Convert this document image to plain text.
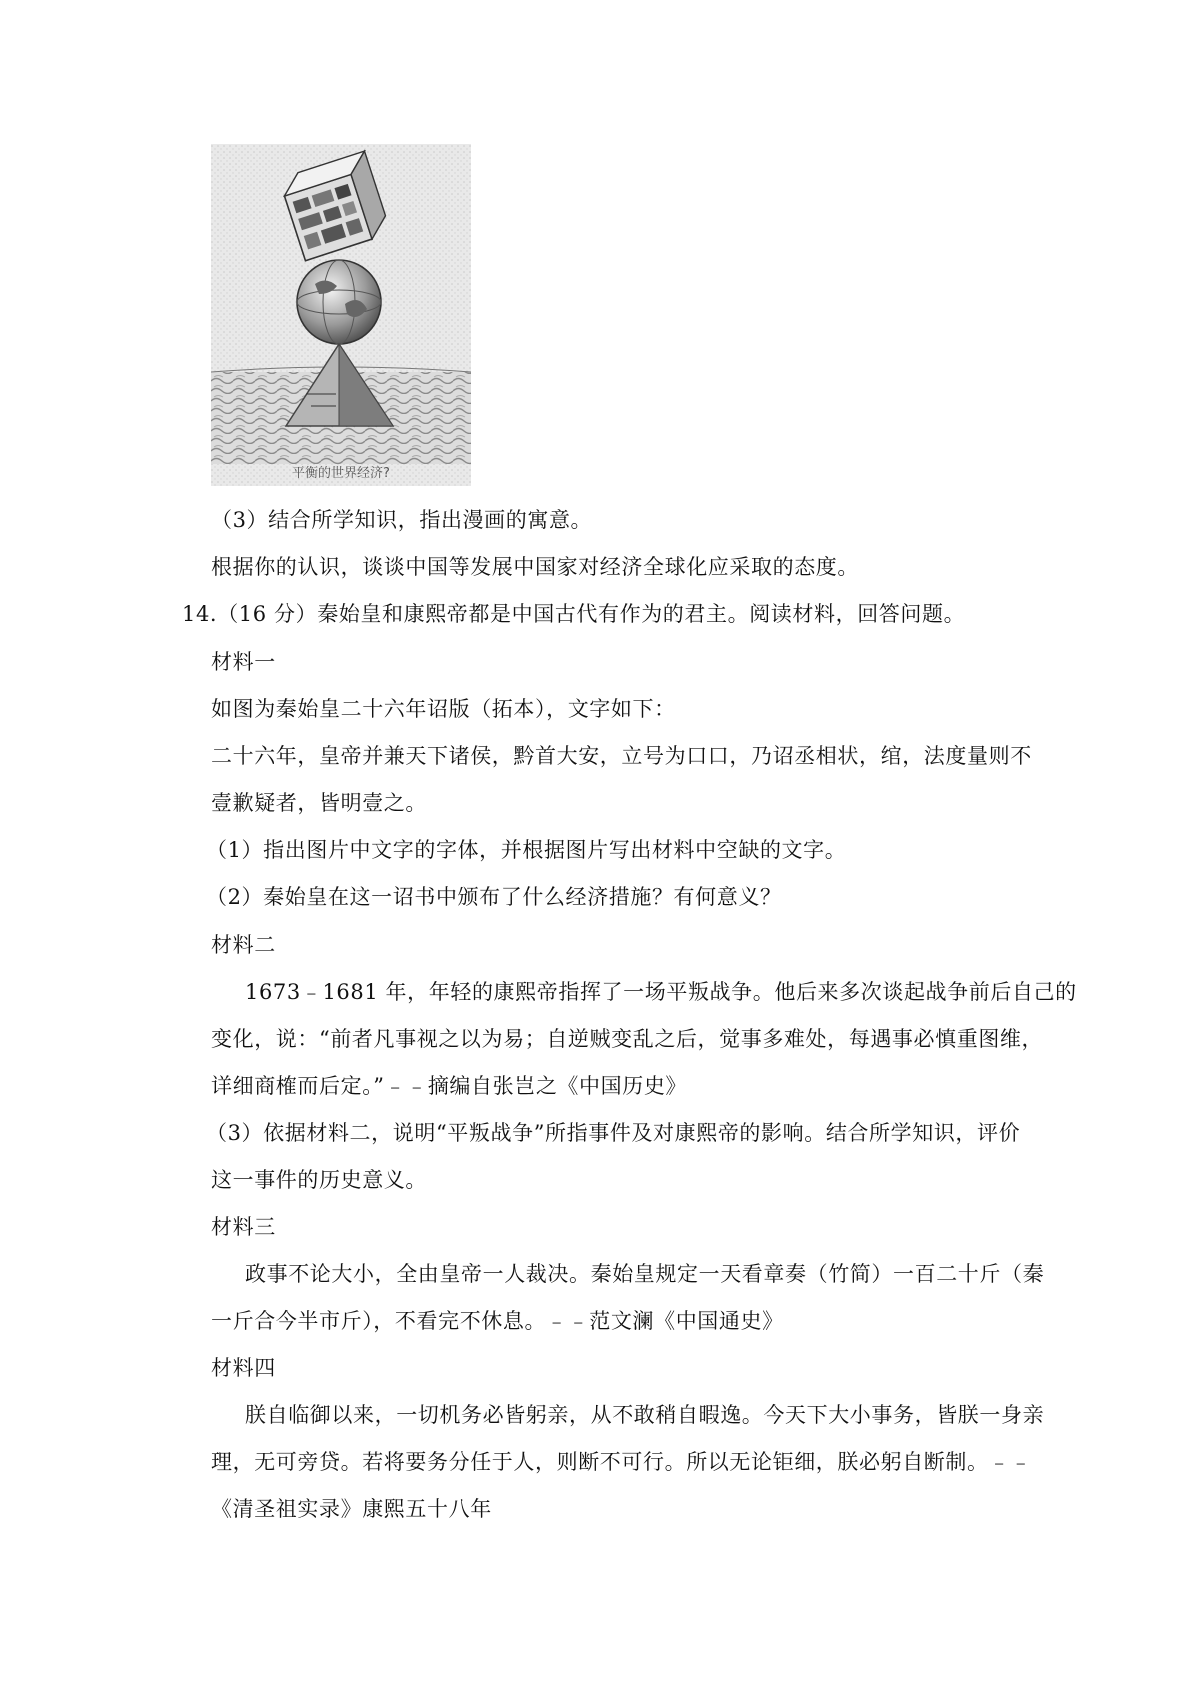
平衡的世界经济?
（3）结合所学知识，指出漫画的寓意。
根据你的认识，谈谈中国等发展中国家对经济全球化应采取的态度。
14.（16 分）秦始皇和康熙帝都是中国古代有作为的君主。阅读材料，回答问题。
材料一
如图为秦始皇二十六年诏版（拓本），文字如下：
二十六年，皇帝并兼天下诸侯，黔首大安，立号为口口，乃诏丞相状，绾，法度量则不
壹歉疑者，皆明壹之。
（1）指出图片中文字的字体，并根据图片写出材料中空缺的文字。
（2）秦始皇在这一诏书中颁布了什么经济措施？有何意义？
材料二
1673﹣1681 年，年轻的康熙帝指挥了一场平叛战争。他后来多次谈起战争前后自己的
变化，说：“前者凡事视之以为易；自逆贼变乱之后，觉事多难处，每遇事必慎重图维，
详细商榷而后定。”﹣﹣摘编自张岂之《中国历史》
（3）依据材料二，说明“平叛战争”所指事件及对康熙帝的影响。结合所学知识，评价
这一事件的历史意义。
材料三
政事不论大小，全由皇帝一人裁决。秦始皇规定一天看章奏（竹简）一百二十斤（秦
一斤合今半市斤），不看完不休息。﹣﹣范文澜《中国通史》
材料四
朕自临御以来，一切机务必皆躬亲，从不敢稍自暇逸。今天下大小事务，皆朕一身亲
理，无可旁贷。若将要务分任于人，则断不可行。所以无论钜细，朕必躬自断制。﹣﹣
《清圣祖实录》康熙五十八年
